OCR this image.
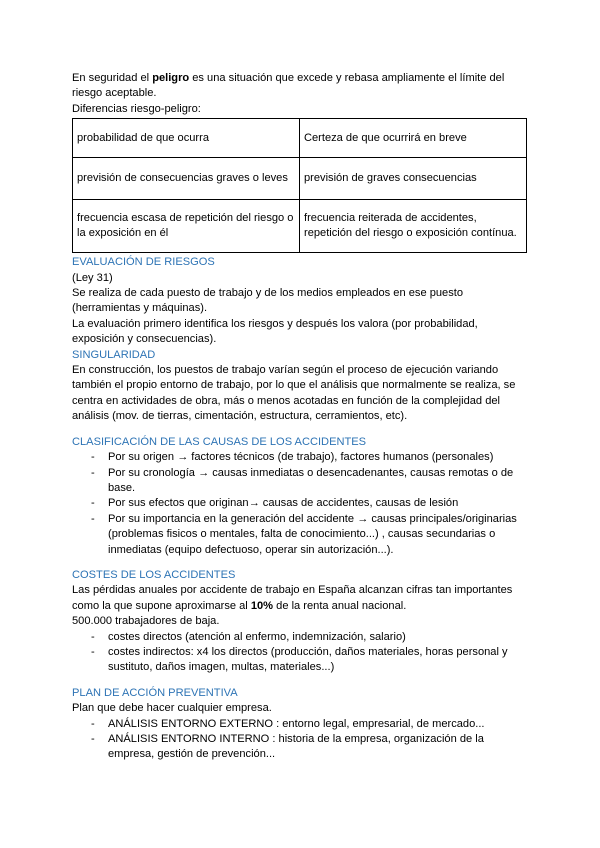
En seguridad el peligro es una situación que excede y rebasa ampliamente el límite del riesgo aceptable.

Diferencias riesgo-peligro:

probabilidad de que ocurra	Certeza de que ocurrirá en breve
previsión de consecuencias graves o leves	previsión de graves consecuencias
frecuencia escasa de repetición del riesgo o la exposición en él	frecuencia reiterada de accidentes, repetición del riesgo o exposición contínua.

EVALUACIÓN DE RIESGOS

(Ley 31)

Se realiza de cada puesto de trabajo y de los medios empleados en ese puesto (herramientas y máquinas).

La evaluación primero identifica los riesgos y después los valora (por probabilidad, exposición y consecuencias).

SINGULARIDAD

En construcción, los puestos de trabajo varían según el proceso de ejecución variando también el propio entorno de trabajo, por lo que el análisis que normalmente se realiza, se centra en actividades de obra, más o menos acotadas en función de la complejidad del análisis (mov. de tierras, cimentación, estructura, cerramientos, etc).

CLASIFICACIÓN DE LAS CAUSAS DE LOS ACCIDENTES

- Por su origen → factores técnicos (de trabajo), factores humanos (personales)
- Por su cronología → causas inmediatas o desencadenantes, causas remotas o de base.
- Por sus efectos que originan→ causas de accidentes, causas de lesión
- Por su importancia en la generación del accidente → causas principales/originarias (problemas fisicos o mentales, falta de conocimiento...) , causas secundarias o inmediatas (equipo defectuoso, operar sin autorización...).

COSTES DE LOS ACCIDENTES

Las pérdidas anuales por accidente de trabajo en España alcanzan cifras tan importantes como la que supone aproximarse al 10% de la renta anual nacional.

500.000 trabajadores de baja.

- costes directos (atención al enfermo, indemnización, salario)
- costes indirectos: x4 los directos (producción, daños materiales, horas personal y sustituto, daños imagen, multas, materiales...)

PLAN DE ACCIÓN PREVENTIVA

Plan que debe hacer cualquier empresa.

- ANÁLISIS ENTORNO EXTERNO : entorno legal, empresarial, de mercado...
- ANÁLISIS ENTORNO INTERNO : historia de la empresa, organización de la empresa, gestión de prevención...
